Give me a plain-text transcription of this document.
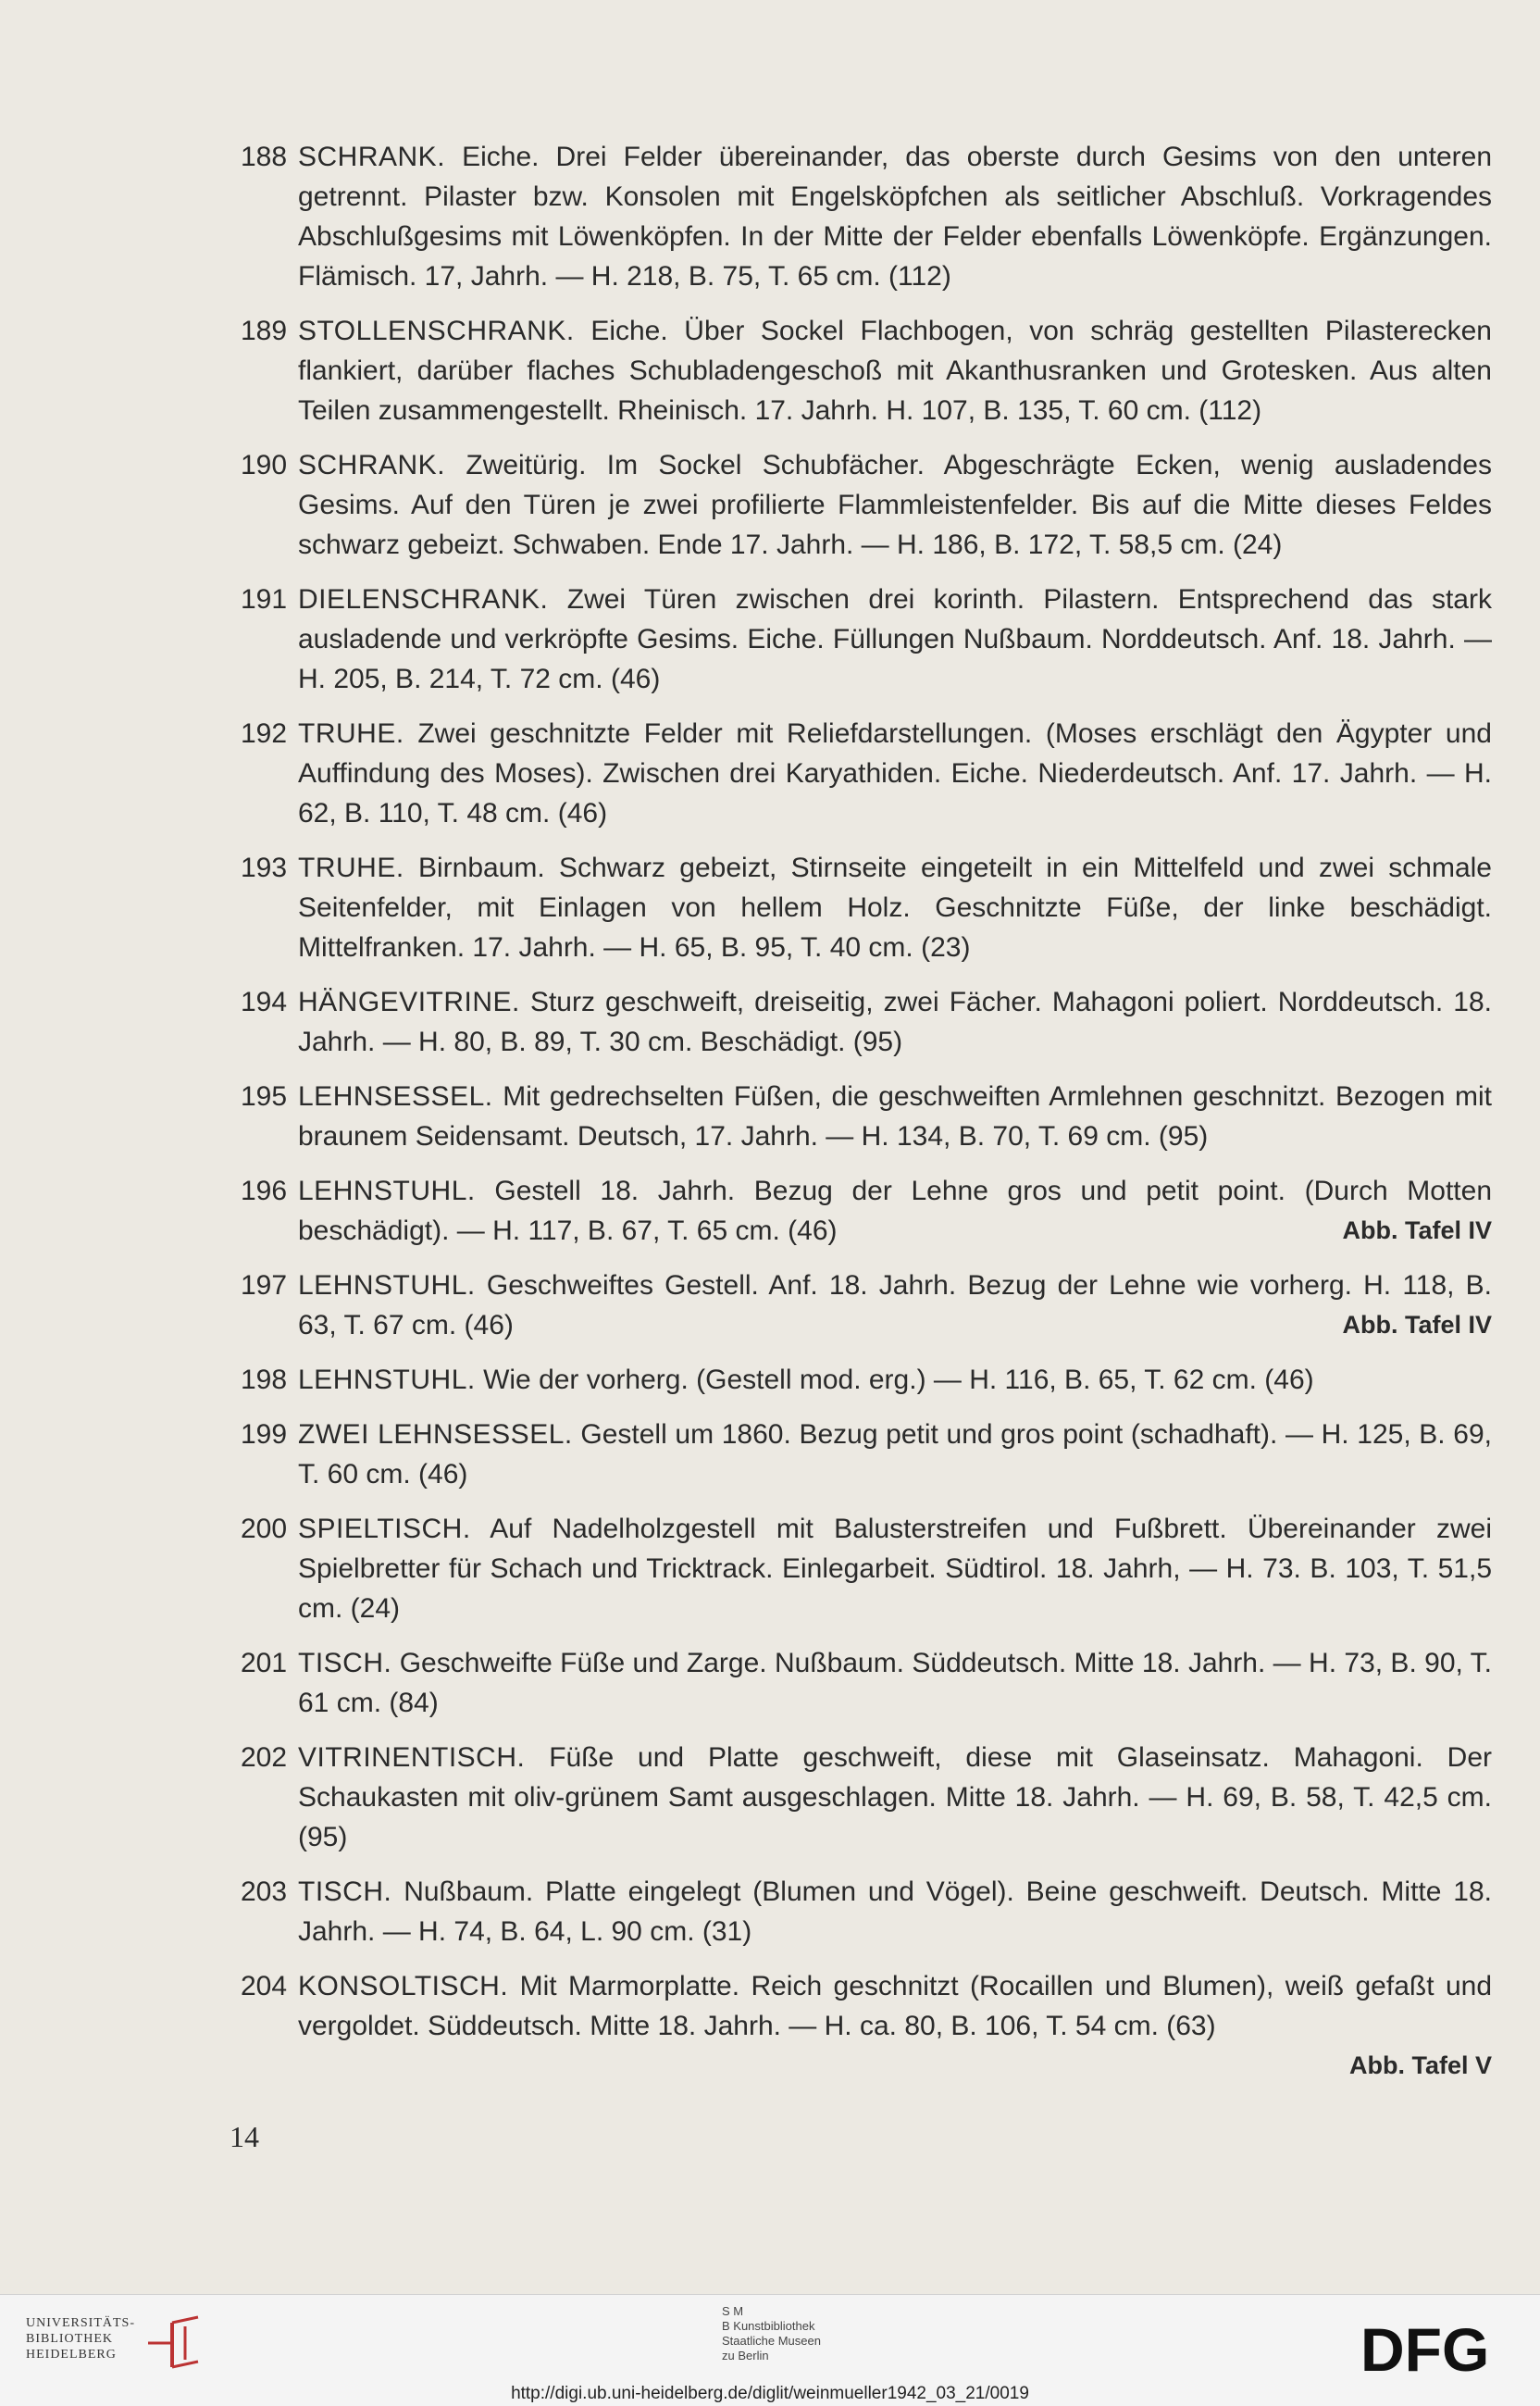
188 SCHRANK. Eiche. Drei Felder übereinander, das oberste durch Gesims von den unteren getrennt. Pilaster bzw. Konsolen mit Engelsköpfchen als seitlicher Abschluß. Vorkragendes Abschlußgesims mit Löwenköpfen. In der Mitte der Felder ebenfalls Löwenköpfe. Ergänzungen. Flämisch. 17, Jahrh. — H. 218, B. 75, T. 65 cm. (112)
189 STOLLENSCHRANK. Eiche. Über Sockel Flachbogen, von schräg gestellten Pilasterecken flankiert, darüber flaches Schubladengeschoß mit Akanthusranken und Grotesken. Aus alten Teilen zusammengestellt. Rheinisch. 17. Jahrh. H. 107, B. 135, T. 60 cm. (112)
190 SCHRANK. Zweitürig. Im Sockel Schubfächer. Abgeschrägte Ecken, wenig ausladendes Gesims. Auf den Türen je zwei profilierte Flammleistenfelder. Bis auf die Mitte dieses Feldes schwarz gebeizt. Schwaben. Ende 17. Jahrh. — H. 186, B. 172, T. 58,5 cm. (24)
191 DIELENSCHRANK. Zwei Türen zwischen drei korinth. Pilastern. Entsprechend das stark ausladende und verkröpfte Gesims. Eiche. Füllungen Nußbaum. Norddeutsch. Anf. 18. Jahrh. — H. 205, B. 214, T. 72 cm. (46)
192 TRUHE. Zwei geschnitzte Felder mit Reliefdarstellungen. (Moses erschlägt den Ägypter und Auffindung des Moses). Zwischen drei Karyathiden. Eiche. Niederdeutsch. Anf. 17. Jahrh. — H. 62, B. 110, T. 48 cm. (46)
193 TRUHE. Birnbaum. Schwarz gebeizt, Stirnseite eingeteilt in ein Mittelfeld und zwei schmale Seitenfelder, mit Einlagen von hellem Holz. Geschnitzte Füße, der linke beschädigt. Mittelfranken. 17. Jahrh. — H. 65, B. 95, T. 40 cm. (23)
194 HÄNGEVITRINE. Sturz geschweift, dreiseitig, zwei Fächer. Mahagoni poliert. Norddeutsch. 18. Jahrh. — H. 80, B. 89, T. 30 cm. Beschädigt. (95)
195 LEHNSESSEL. Mit gedrechselten Füßen, die geschweiften Armlehnen geschnitzt. Bezogen mit braunem Seidensamt. Deutsch, 17. Jahrh. — H. 134, B. 70, T. 69 cm. (95)
196 LEHNSTUHL. Gestell 18. Jahrh. Bezug der Lehne gros und petit point. (Durch Motten beschädigt). — H. 117, B. 67, T. 65 cm. (46)	Abb. Tafel IV
197 LEHNSTUHL. Geschweiftes Gestell. Anf. 18. Jahrh. Bezug der Lehne wie vorherg. H. 118, B. 63, T. 67 cm. (46)	Abb. Tafel IV
198 LEHNSTUHL. Wie der vorherg. (Gestell mod. erg.) — H. 116, B. 65, T. 62 cm. (46)
199 ZWEI LEHNSESSEL. Gestell um 1860. Bezug petit und gros point (schadhaft). — H. 125, B. 69, T. 60 cm. (46)
200 SPIELTISCH. Auf Nadelholzgestell mit Balusterstreifen und Fußbrett. Übereinander zwei Spielbretter für Schach und Tricktrack. Einlegarbeit. Südtirol. 18. Jahrh, — H. 73. B. 103, T. 51,5 cm. (24)
201 TISCH. Geschweifte Füße und Zarge. Nußbaum. Süddeutsch. Mitte 18. Jahrh. — H. 73, B. 90, T. 61 cm. (84)
202 VITRINENTISCH. Füße und Platte geschweift, diese mit Glaseinsatz. Mahagoni. Der Schaukasten mit oliv-grünem Samt ausgeschlagen. Mitte 18. Jahrh. — H. 69, B. 58, T. 42,5 cm. (95)
203 TISCH. Nußbaum. Platte eingelegt (Blumen und Vögel). Beine geschweift. Deutsch. Mitte 18. Jahrh. — H. 74, B. 64, L. 90 cm. (31)
204 KONSOLTISCH. Mit Marmorplatte. Reich geschnitzt (Rocaillen und Blumen), weiß gefaßt und vergoldet. Süddeutsch. Mitte 18. Jahrh. — H. ca. 80, B. 106, T. 54 cm. (63)
Abb. Tafel V
14
UNIVERSITÄTS-
BIBLIOTHEK
HEIDELBERG
S M
B Kunstbibliothek
Staatliche Museen
zu Berlin	DFG
http://digi.ub.uni-heidelberg.de/diglit/weinmueller1942_03_21/0019
